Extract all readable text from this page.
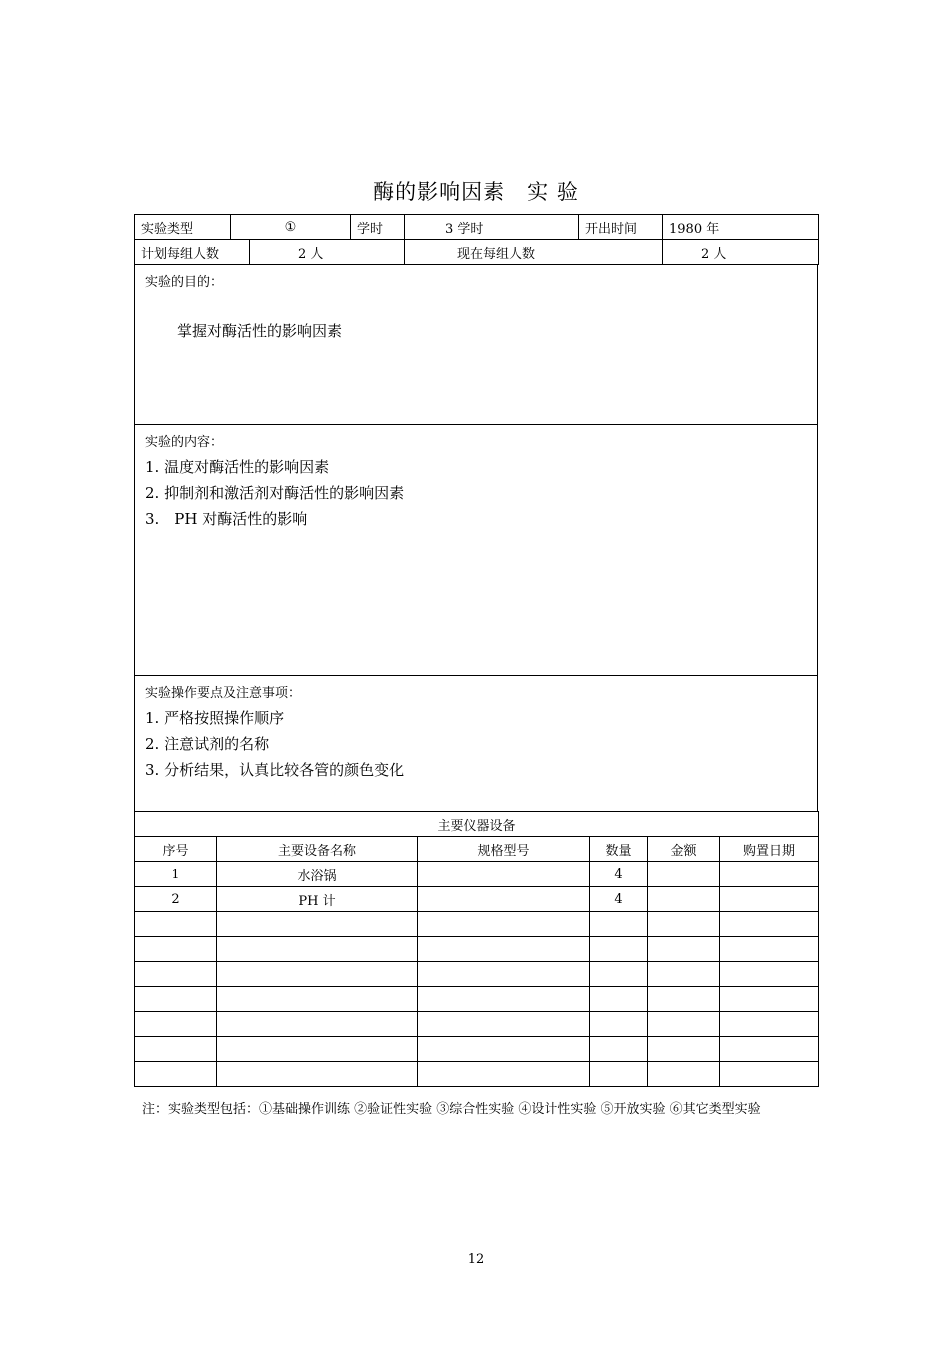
酶的影响因素　实 验
实验类型	①		学时	3 学时	开出时间	1980 年
计划每组人数		2 人		现在每组人数		2 人
实验的目的：
掌握对酶活性的影响因素
实验的内容：
1. 温度对酶活性的影响因素
2. 抑制剂和激活剂对酶活性的影响因素
3.　PH 对酶活性的影响
实验操作要点及注意事项：
1. 严格按照操作顺序
2. 注意试剂的名称
3. 分析结果，认真比较各管的颜色变化
主要仪器设备					
序号	主要设备名称	规格型号	数量	金额	购置日期
1	水浴锅		4		
2	PH 计		4		

注：实验类型包括：①基础操作训练 ②验证性实验 ③综合性实验 ④设计性实验 ⑤开放实验 ⑥其它类型实验
12
